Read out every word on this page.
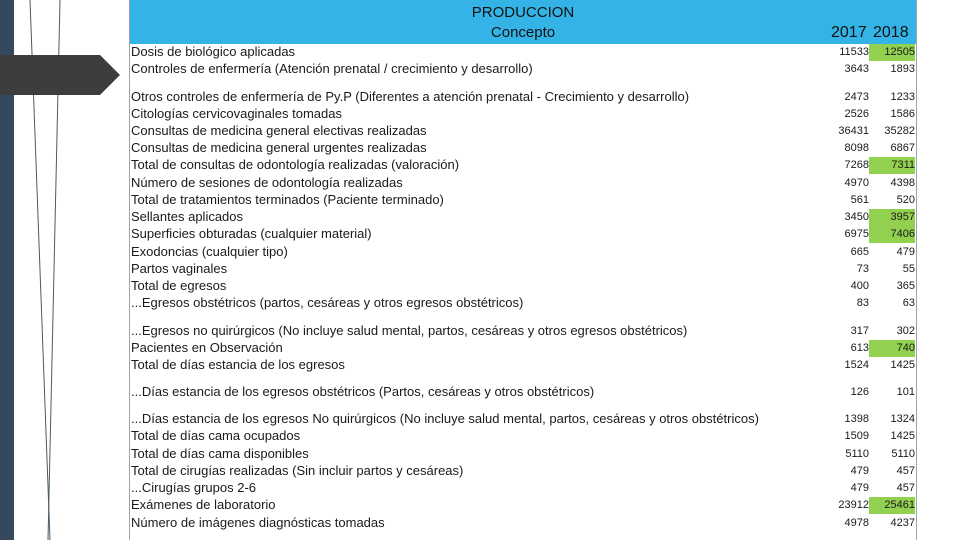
PRODUCCION
Concepto	2017 2018
Dosis de biológico aplicadas	11533	12505
Controles de enfermería (Atención prenatal / crecimiento y desarrollo)	3643	1893
Otros controles de enfermería de Py.P (Diferentes a atención prenatal - Crecimiento y desarrollo)	2473	1233
Citologías cervicovaginales tomadas	2526	1586
Consultas de medicina general electivas realizadas	36431	35282
Consultas de medicina general urgentes realizadas	8098	6867
Total de consultas de odontología realizadas (valoración)	7268	7311
Número de sesiones de odontología realizadas	4970	4398
Total de tratamientos terminados (Paciente terminado)	561	520
Sellantes aplicados	3450	3957
Superficies obturadas (cualquier material)	6975	7406
Exodoncias (cualquier tipo)	665	479
Partos vaginales	73	55
Total de egresos	400	365
...Egresos obstétricos (partos, cesáreas y otros egresos obstétricos)	83	63
...Egresos no quirúrgicos (No incluye salud mental, partos, cesáreas y otros egresos obstétricos)	317	302
Pacientes en Observación	613	740
Total de días estancia de los egresos	1524	1425
...Días estancia de los egresos obstétricos (Partos, cesáreas y otros obstétricos)	126	101
...Días estancia de los egresos No quirúrgicos (No incluye salud mental, partos, cesáreas y otros obstétricos)	1398	1324
Total de días cama ocupados	1509	1425
Total de días cama disponibles	5110	5110
Total de cirugías realizadas (Sin incluir partos y cesáreas)	479	457
...Cirugías grupos 2-6	479	457
Exámenes de laboratorio	23912	25461
Número de imágenes diagnósticas tomadas	4978	4237
